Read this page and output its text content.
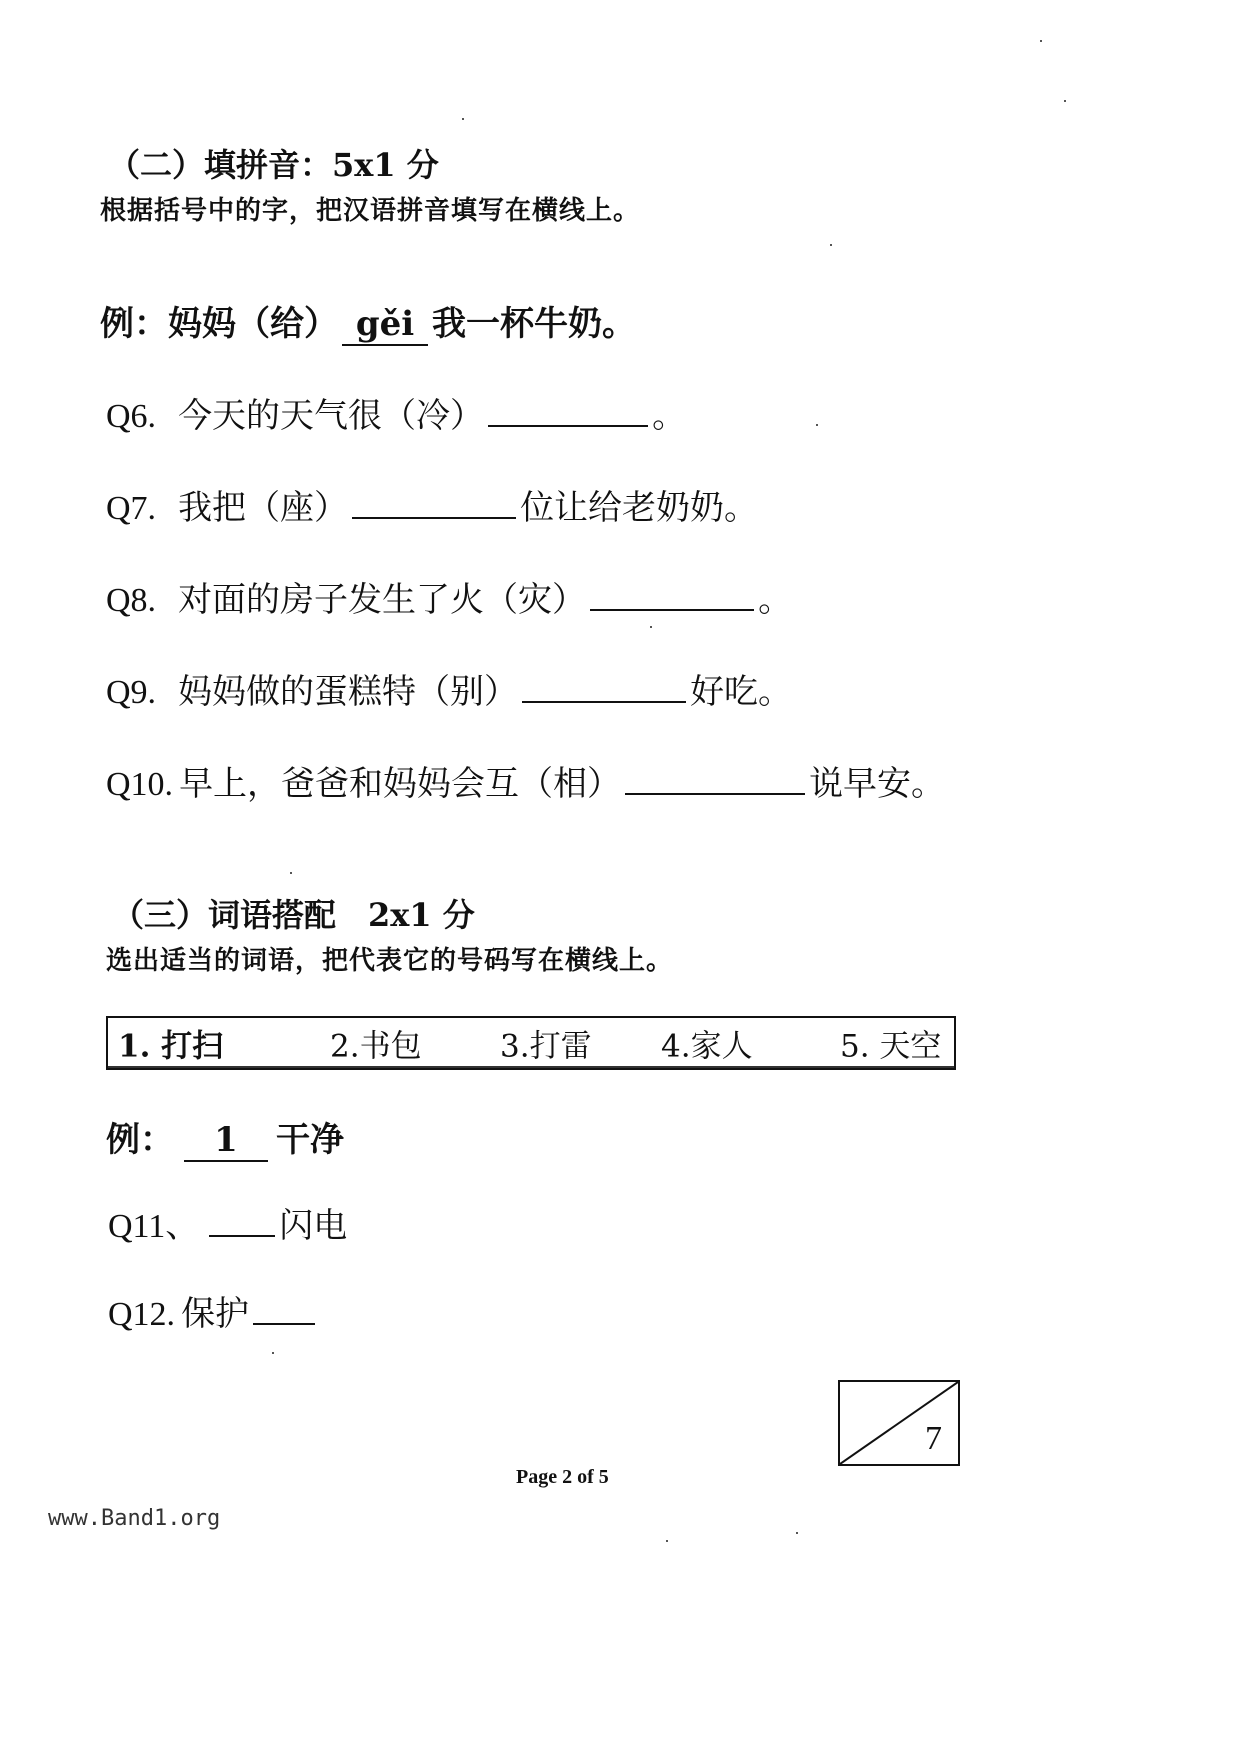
（二）填拼音：5x1 分
根据括号中的字，把汉语拼音填写在横线上。
例：妈妈（给） gěi 我一杯牛奶。
Q6. 今天的天气很（冷）	。
Q7. 我把（座）	位让给老奶奶。
Q8. 对面的房子发生了火（灾）	。
Q9. 妈妈做的蛋糕特（别）	好吃。
Q10. 早上，爸爸和妈妈会互（相）	说早安。
（三）词语搭配　2x1 分
选出适当的词语，把代表它的号码写在横线上。
1. 打扫	2.书包	3.打雷 4.家人	5. 天空
例：	1	干净
Q11、 闪电
Q12. 保护
7
Page 2 of 5
www.Band1.org
